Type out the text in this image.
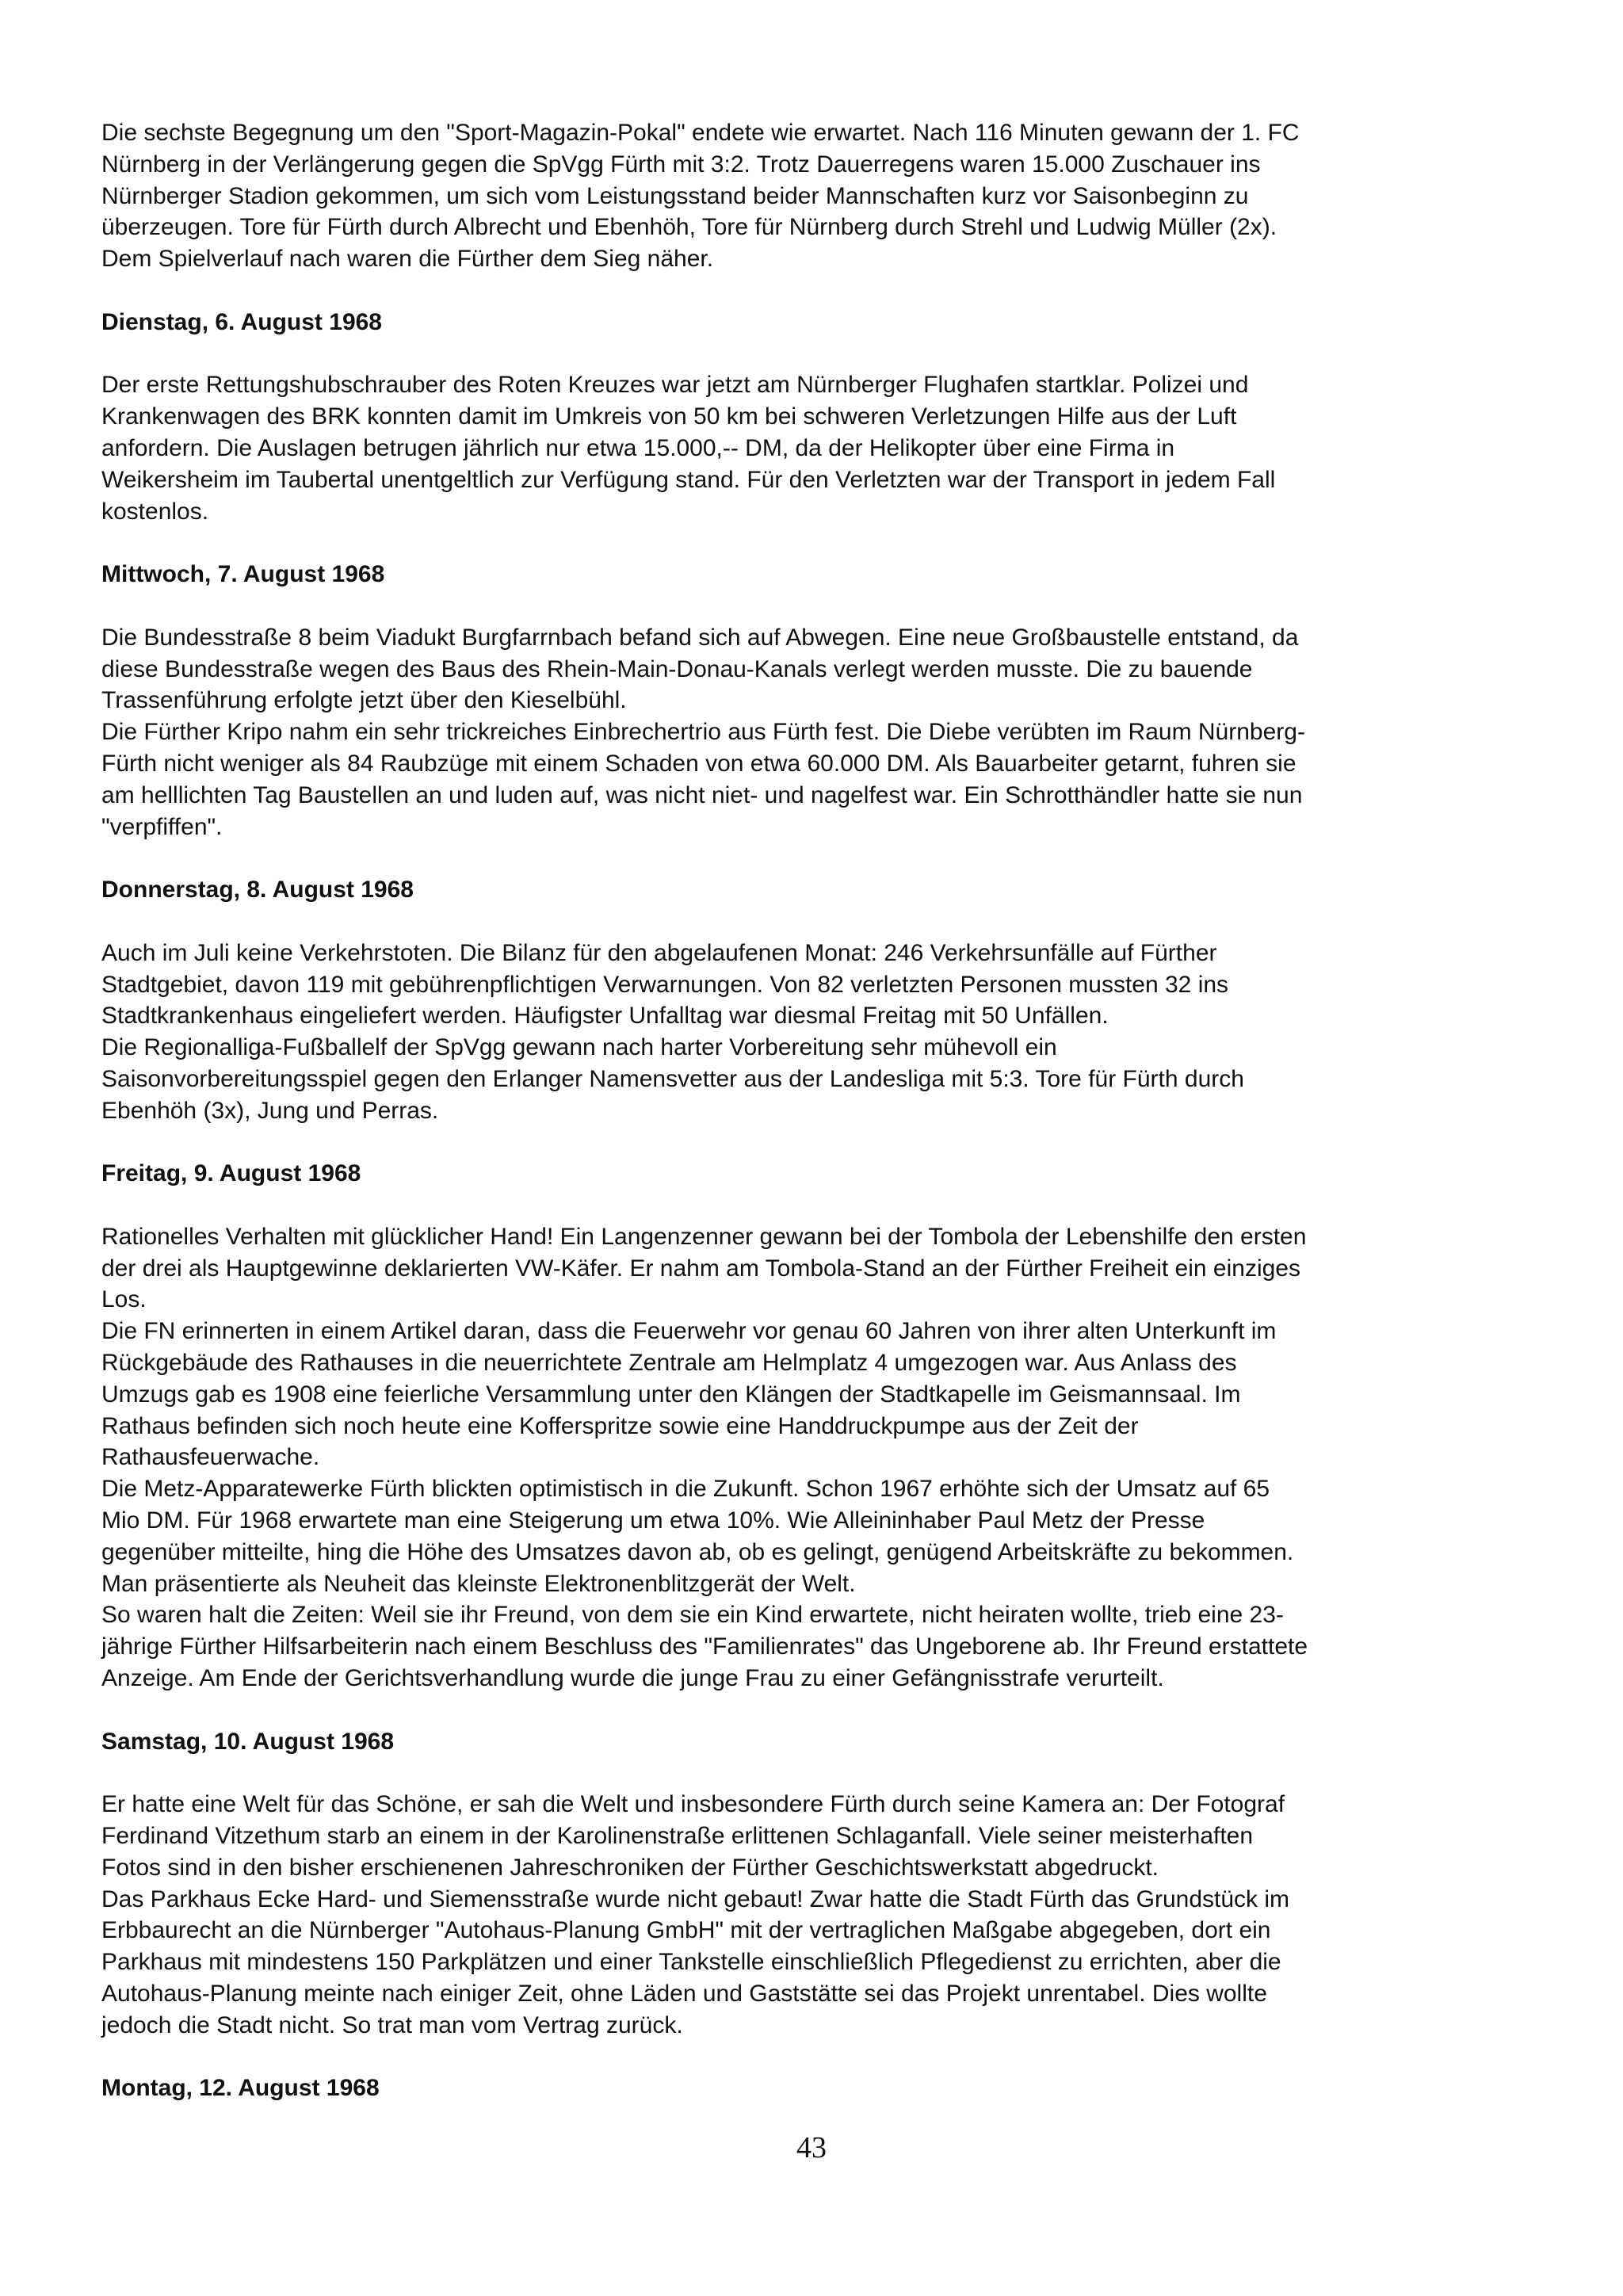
Die sechste Begegnung um den "Sport-Magazin-Pokal" endete wie erwartet. Nach 116 Minuten gewann der 1. FC
Nürnberg in der Verlängerung gegen die SpVgg Fürth mit 3:2. Trotz Dauerregens waren 15.000 Zuschauer ins
Nürnberger Stadion gekommen, um sich vom Leistungsstand beider Mannschaften kurz vor Saisonbeginn zu
überzeugen. Tore für Fürth durch Albrecht und Ebenhöh, Tore für Nürnberg durch Strehl und Ludwig Müller (2x).
Dem Spielverlauf nach waren die Fürther dem Sieg näher.
Dienstag, 6. August 1968
Der erste Rettungshubschrauber des Roten Kreuzes war jetzt am Nürnberger Flughafen startklar. Polizei und
Krankenwagen des BRK konnten damit im Umkreis von 50 km bei schweren Verletzungen Hilfe aus der Luft
anfordern. Die Auslagen betrugen jährlich nur etwa 15.000,-- DM, da der Helikopter über eine Firma in
Weikersheim im Taubertal unentgeltlich zur Verfügung stand. Für den Verletzten war der Transport in jedem Fall
kostenlos.
Mittwoch, 7. August 1968
Die Bundesstraße 8 beim Viadukt Burgfarrnbach befand sich auf Abwegen. Eine neue Großbaustelle entstand, da
diese Bundesstraße wegen des Baus des Rhein-Main-Donau-Kanals verlegt werden musste. Die zu bauende
Trassenführung erfolgte jetzt über den Kieselbühl.
Die Fürther Kripo nahm ein sehr trickreiches Einbrechertrio aus Fürth fest. Die Diebe verübten im Raum Nürnberg-
Fürth nicht weniger als 84 Raubzüge mit einem Schaden von etwa 60.000 DM. Als Bauarbeiter getarnt, fuhren sie
am helllichten Tag Baustellen an und luden auf, was nicht niet- und nagelfest war. Ein Schrotthändler hatte sie nun
"verpfiffen".
Donnerstag, 8. August 1968
Auch im Juli keine Verkehrstoten. Die Bilanz für den abgelaufenen Monat: 246 Verkehrsunfälle auf Fürther
Stadtgebiet, davon 119 mit gebührenpflichtigen Verwarnungen. Von 82 verletzten Personen mussten 32 ins
Stadtkrankenhaus eingeliefert werden. Häufigster Unfalltag war diesmal Freitag mit 50 Unfällen.
Die Regionalliga-Fußballelf der SpVgg gewann nach harter Vorbereitung sehr mühevoll ein
Saisonvorbereitungsspiel gegen den Erlanger Namensvetter aus der Landesliga mit 5:3. Tore für Fürth durch
Ebenhöh (3x), Jung und Perras.
Freitag, 9. August 1968
Rationelles Verhalten mit glücklicher Hand! Ein Langenzenner gewann bei der Tombola der Lebenshilfe den ersten
der drei als Hauptgewinne deklarierten VW-Käfer. Er nahm am Tombola-Stand an der Fürther Freiheit ein einziges
Los.
Die FN erinnerten in einem Artikel daran, dass die Feuerwehr vor genau 60 Jahren von ihrer alten Unterkunft im
Rückgebäude des Rathauses in die neuerrichtete Zentrale am Helmplatz 4 umgezogen war. Aus Anlass des
Umzugs gab es 1908 eine feierliche Versammlung unter den Klängen der Stadtkapelle im Geismannsaal. Im
Rathaus befinden sich noch heute eine Kofferspritze sowie eine Handdruckpumpe aus der Zeit der
Rathausfeuerwache.
Die Metz-Apparatewerke Fürth blickten optimistisch in die Zukunft. Schon 1967 erhöhte sich der Umsatz auf 65
Mio DM. Für 1968 erwartete man eine Steigerung um etwa 10%. Wie Alleininhaber Paul Metz der Presse
gegenüber mitteilte, hing die Höhe des Umsatzes davon ab, ob es gelingt, genügend Arbeitskräfte zu bekommen.
Man präsentierte als Neuheit das kleinste Elektronenblitzgerät der Welt.
So waren halt die Zeiten: Weil sie ihr Freund, von dem sie ein Kind erwartete, nicht heiraten wollte, trieb eine 23-
jährige Fürther Hilfsarbeiterin nach einem Beschluss des "Familienrates" das Ungeborene ab. Ihr Freund erstattete
Anzeige. Am Ende der Gerichtsverhandlung wurde die junge Frau zu einer Gefängnisstrafe verurteilt.
Samstag, 10. August 1968
Er hatte eine Welt für das Schöne, er sah die Welt und insbesondere Fürth durch seine Kamera an: Der Fotograf
Ferdinand Vitzethum starb an einem in der Karolinenstraße erlittenen Schlaganfall. Viele seiner meisterhaften
Fotos sind in den bisher erschienenen Jahreschroniken der Fürther Geschichtswerkstatt abgedruckt.
Das Parkhaus Ecke Hard- und Siemensstraße wurde nicht gebaut! Zwar hatte die Stadt Fürth das Grundstück im
Erbbaurecht an die Nürnberger "Autohaus-Planung GmbH" mit der vertraglichen Maßgabe abgegeben, dort ein
Parkhaus mit mindestens 150 Parkplätzen und einer Tankstelle einschließlich Pflegedienst zu errichten, aber die
Autohaus-Planung meinte nach einiger Zeit, ohne Läden und Gaststätte sei das Projekt unrentabel. Dies wollte
jedoch die Stadt nicht. So trat man vom Vertrag zurück.
Montag, 12. August 1968
43
